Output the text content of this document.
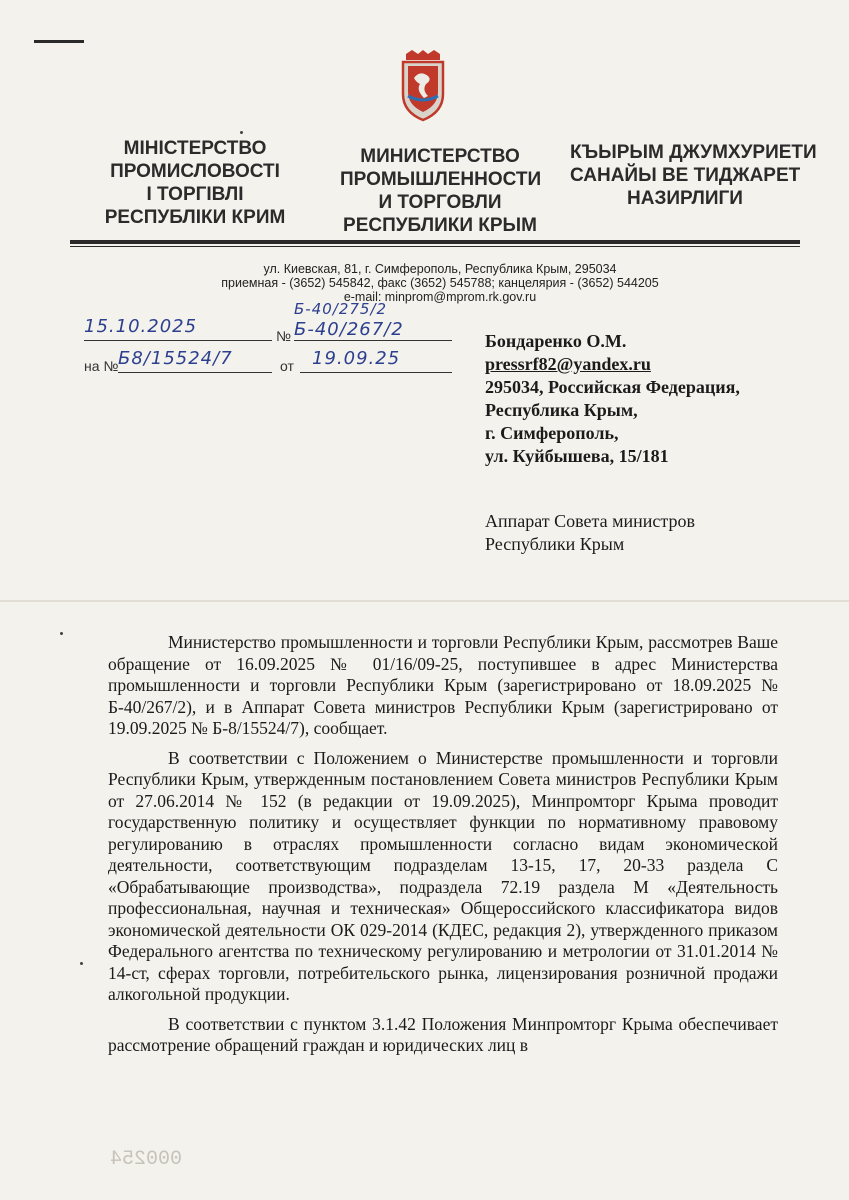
МІНІСТЕРСТВО
ПРОМИСЛОВОСТІ
І ТОРГІВЛІ
РЕСПУБЛІКИ КРИМ
МИНИСТЕРСТВО
ПРОМЫШЛЕННОСТИ
И ТОРГОВЛИ
РЕСПУБЛИКИ КРЫМ
КЪЫРЫМ ДЖУМХУРИЕТИ
САНАЙЫ ВЕ ТИДЖАРЕТ
НАЗИРЛИГИ
ул. Киевская, 81, г. Симферополь, Республика Крым, 295034
приемная - (3652) 545842, факс (3652) 545788; канцелярия - (3652) 544205
e-mail: minprom@mprom.rk.gov.ru
15.10.2025	№
Б-40/275/2
Б-40/267/2
на № Б8/15524/7	от 19.09.25
Бондаренко О.М.
pressrf82@yandex.ru
295034, Российская Федерация,
Республика Крым,
г. Симферополь,
ул. Куйбышева, 15/181
Аппарат Совета министров
Республики Крым

Министерство промышленности и торговли Республики Крым, рассмотрев Ваше обращение от 16.09.2025 № 01/16/09-25, поступившее в адрес Министерства промышленности и торговли Республики Крым (зарегистрировано от 18.09.2025 № Б-40/267/2), и в Аппарат Совета министров Республики Крым (зарегистрировано от 19.09.2025 № Б-8/15524/7), сообщает.

В соответствии с Положением о Министерстве промышленности и торговли Республики Крым, утвержденным постановлением Совета министров Республики Крым от 27.06.2014 № 152 (в редакции от 19.09.2025), Минпромторг Крыма проводит государственную политику и осуществляет функции по нормативному правовому регулированию в отраслях промышленности согласно видам экономической деятельности, соответствующим подразделам 13-15, 17, 20-33 раздела С «Обрабатывающие производства», подраздела 72.19 раздела М «Деятельность профессиональная, научная и техническая» Общероссийского классификатора видов экономической деятельности ОК 029-2014 (КДЕС, редакция 2), утвержденного приказом Федерального агентства по техническому регулированию и метрологии от 31.01.2014 № 14-ст, сферах торговли, потребительского рынка, лицензирования розничной продажи алкогольной продукции.

В соответствии с пунктом 3.1.42 Положения Минпромторг Крыма обеспечивает рассмотрение обращений граждан и юридических лиц в

000254
